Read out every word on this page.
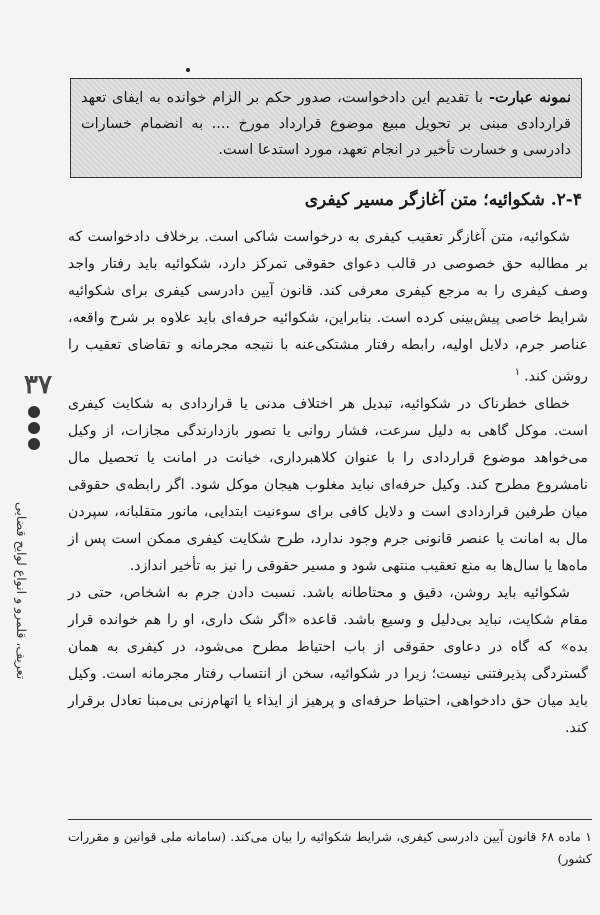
نمونه عبارت- با تقدیم این دادخواست، صدور حکم بر الزام خوانده به ایفای تعهد قراردادی مبنی بر تحویل مبیع موضوع قرارداد مورخ .... به انضمام خسارات دادرسی و خسارت تأخیر در انجام تعهد، مورد استدعا است.
۲-۴. شکوائیه؛ متن آغازگر مسیر کیفری

شکوائیه، متن آغازگر تعقیب کیفری به درخواست شاکی است. برخلاف دادخواست که بر مطالبه حق خصوصی در قالب دعوای حقوقی تمرکز دارد، شکوائیه باید رفتار واجد وصف کیفری را به مرجع کیفری معرفی کند. قانون آیین دادرسی کیفری برای شکوائیه شرایط خاصی پیش‌بینی کرده است. بنابراین، شکوائیه حرفه‌ای باید علاوه بر شرح واقعه، عناصر جرم، دلایل اولیه، رابطه رفتار مشتکی‌عنه با نتیجه مجرمانه و تقاضای تعقیب را روشن کند.$^۱$

خطای خطرناک در شکوائیه، تبدیل هر اختلاف مدنی یا قراردادی به شکایت کیفری است. موکل گاهی به دلیل سرعت، فشار روانی یا تصور بازدارندگی مجازات، از وکیل می‌خواهد موضوع قراردادی را با عنوان کلاهبرداری، خیانت در امانت یا تحصیل مال نامشروع مطرح کند. وکیل حرفه‌ای نباید مغلوب هیجان موکل شود. اگر رابطه‌ی حقوقی میان طرفین قراردادی است و دلایل کافی برای سوءنیت ابتدایی، مانور متقلبانه، سپردن مال به امانت یا عنصر قانونی جرم وجود ندارد، طرح شکایت کیفری ممکن است پس از ماه‌ها یا سال‌ها به منع تعقیب منتهی شود و مسیر حقوقی را نیز به تأخیر اندازد.

شکوائیه باید روشن، دقیق و محتاطانه باشد. نسبت دادن جرم به اشخاص، حتی در مقام شکایت، نباید بی‌دلیل و وسیع باشد. قاعده «اگر شک داری، او را هم خوانده قرار بده» که گاه در دعاوی حقوقی از باب احتیاط مطرح می‌شود، در کیفری به همان گستردگی پذیرفتنی نیست؛ زیرا در شکوائیه، سخن از انتساب رفتار مجرمانه است. وکیل باید میان حق دادخواهی، احتیاط حرفه‌ای و پرهیز از ایذاء یا اتهام‌زنی بی‌مبنا تعادل برقرار کند.

۳۷
تعریف، قلمرو و انواع لوایح قضایی
۱ ماده ۶۸ قانون آیین دادرسی کیفری، شرایط شکوائیه را بیان می‌کند. (سامانه ملی قوانین و مقررات کشور)
